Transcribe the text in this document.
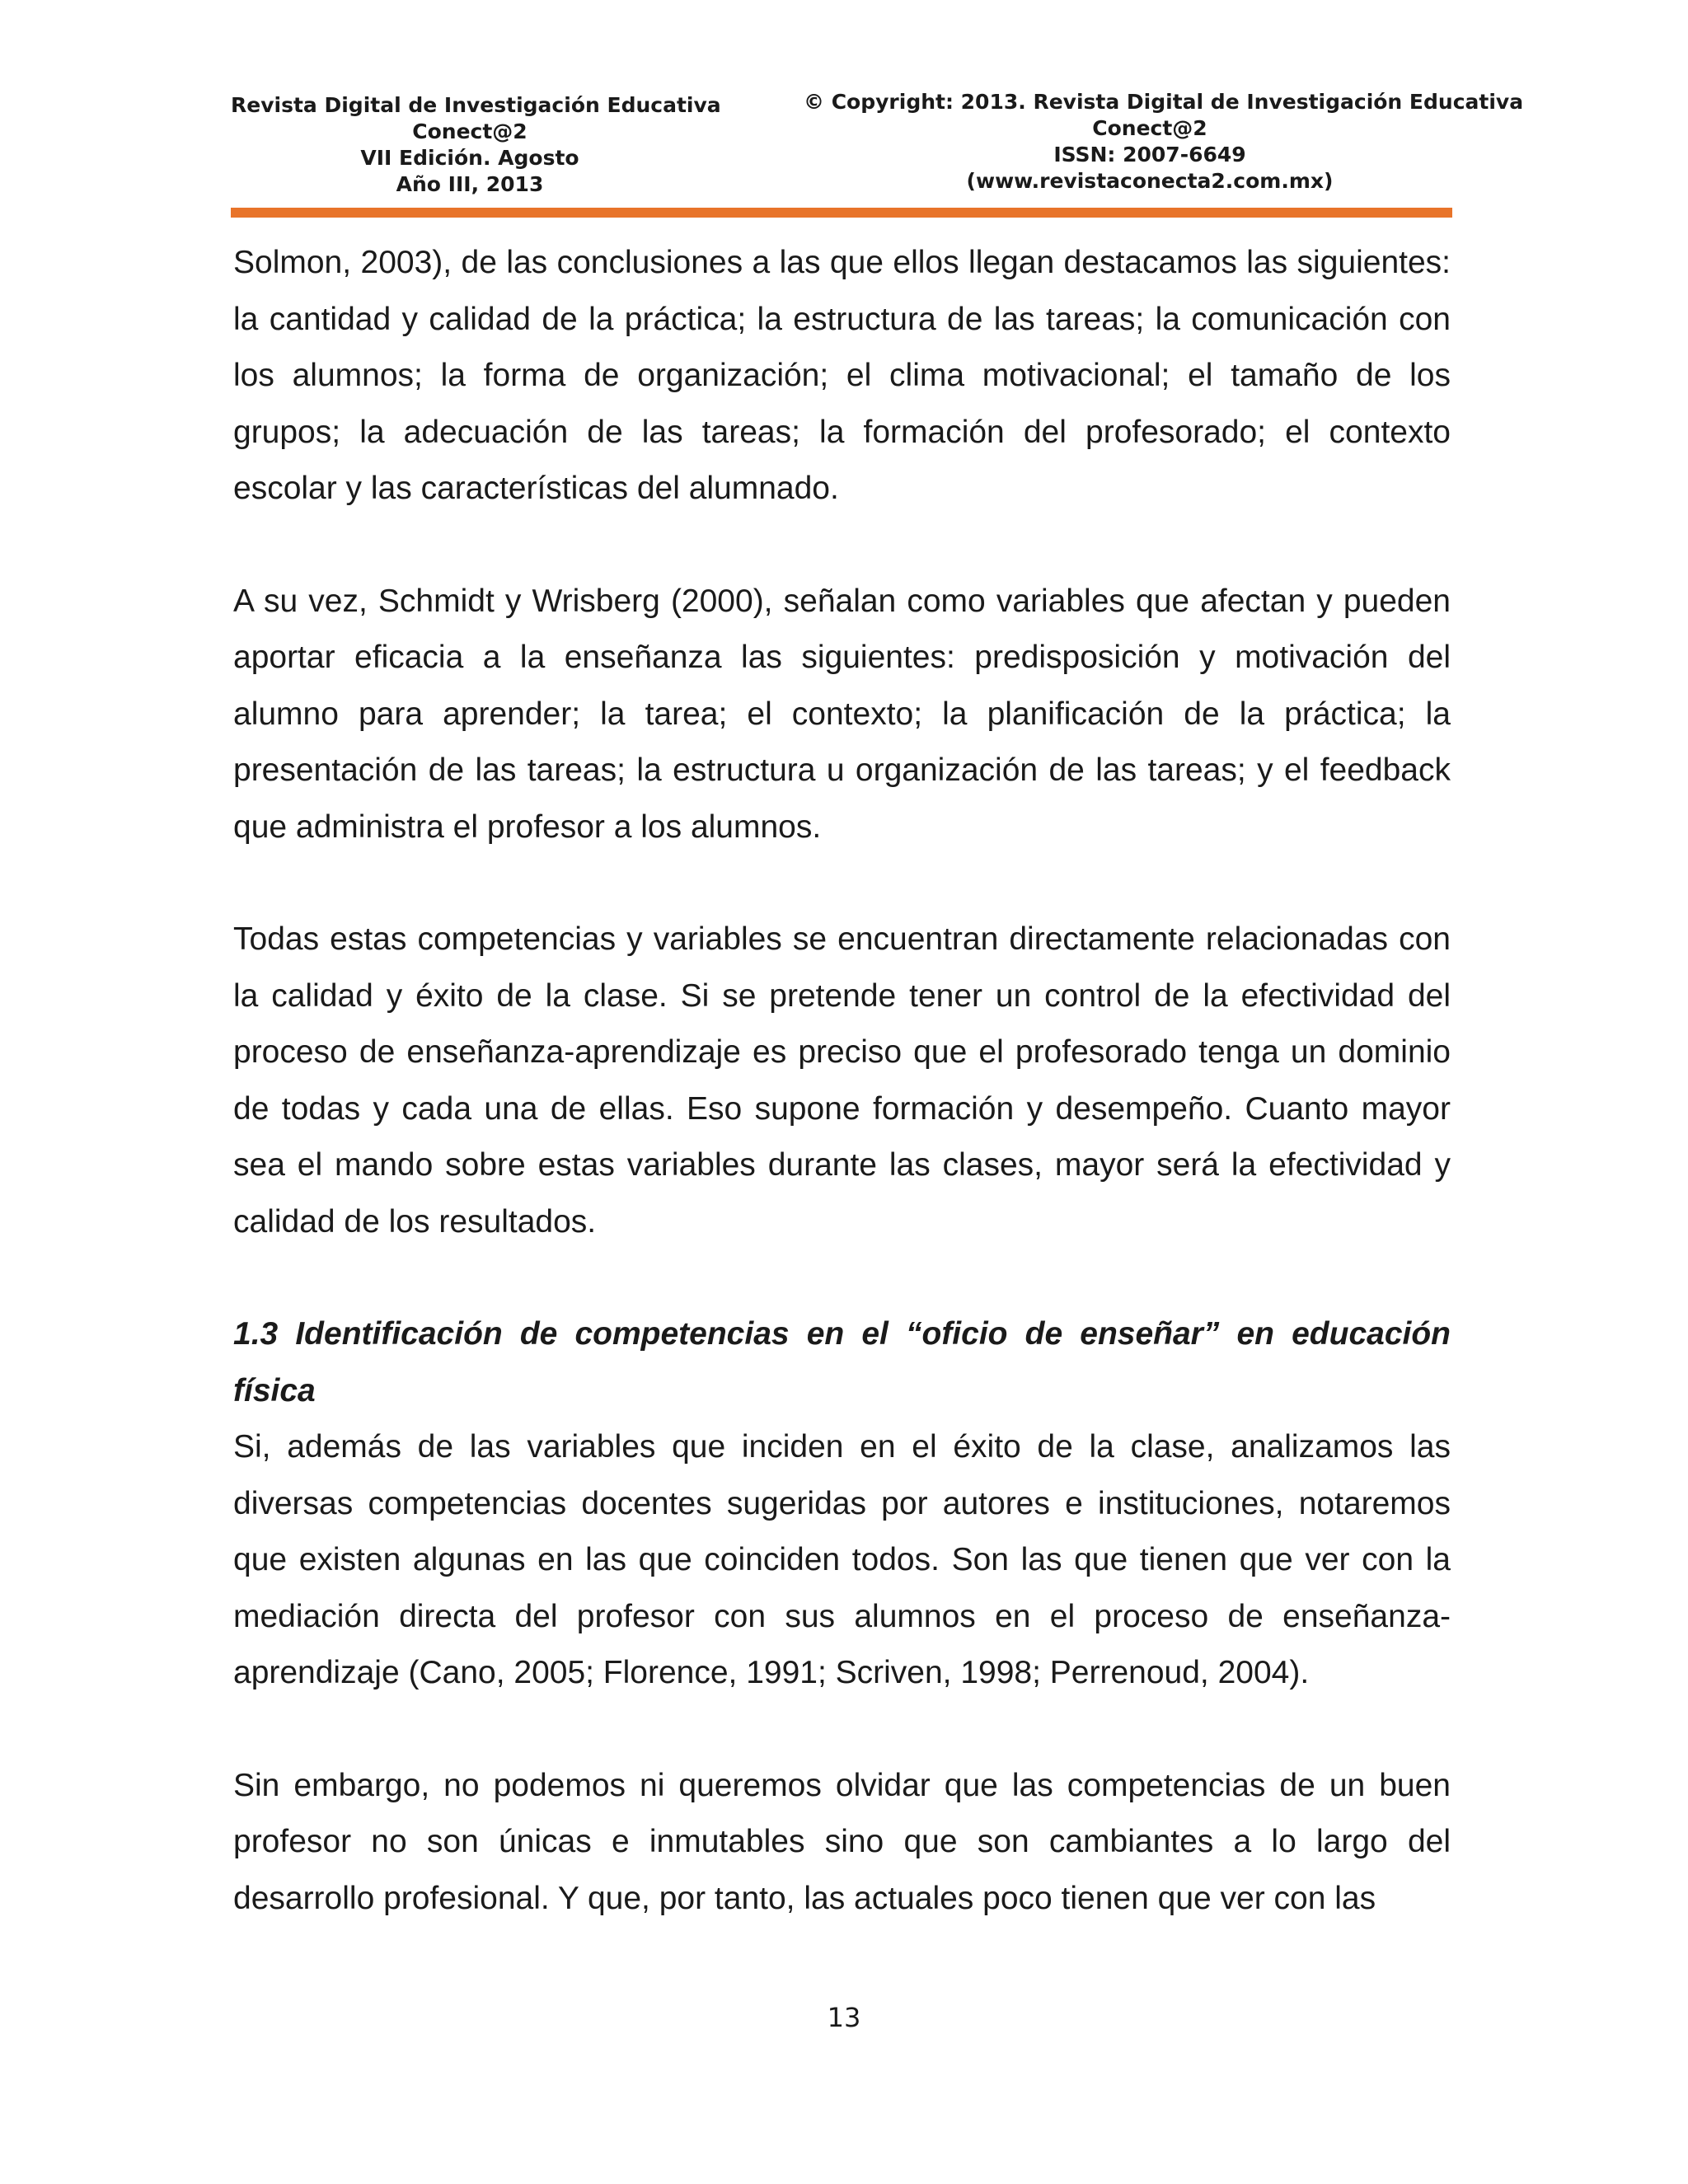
Revista Digital de Investigación Educativa
Conect@2
VII Edición. Agosto
Año III, 2013
© Copyright: 2013. Revista Digital de Investigación Educativa
Conect@2
ISSN: 2007-6649
(www.revistaconecta2.com.mx)

Solmon, 2003), de las conclusiones a las que ellos llegan destacamos las siguientes: la cantidad y calidad de la práctica; la estructura de las tareas; la comunicación con los alumnos; la forma de organización; el clima motivacional; el tamaño de los grupos; la adecuación de las tareas; la formación del profesorado; el contexto escolar y las características del alumnado.

A su vez, Schmidt y Wrisberg (2000), señalan como variables que afectan y pueden aportar eficacia a la enseñanza las siguientes: predisposición y motivación del alumno para aprender; la tarea; el contexto; la planificación de la práctica; la presentación de las tareas; la estructura u organización de las tareas; y el feedback que administra el profesor a los alumnos.

Todas estas competencias y variables se encuentran directamente relacionadas con la calidad y éxito de la clase. Si se pretende tener un control de la efectividad del proceso de enseñanza-aprendizaje es preciso que el profesorado tenga un dominio de todas y cada una de ellas. Eso supone formación y desempeño. Cuanto mayor sea el mando sobre estas variables durante las clases, mayor será la efectividad y calidad de los resultados.

1.3 Identificación de competencias en el “oficio de enseñar” en educación física

Si, además de las variables que inciden en el éxito de la clase, analizamos las diversas competencias docentes sugeridas por autores e instituciones, notaremos que existen algunas en las que coinciden todos. Son las que tienen que ver con la mediación directa del profesor con sus alumnos en el proceso de enseñanza-aprendizaje (Cano, 2005; Florence, 1991; Scriven, 1998; Perrenoud, 2004).

Sin embargo, no podemos ni queremos olvidar que las competencias de un buen profesor no son únicas e inmutables sino que son cambiantes a lo largo del desarrollo profesional. Y que, por tanto, las actuales poco tienen que ver con las

13
